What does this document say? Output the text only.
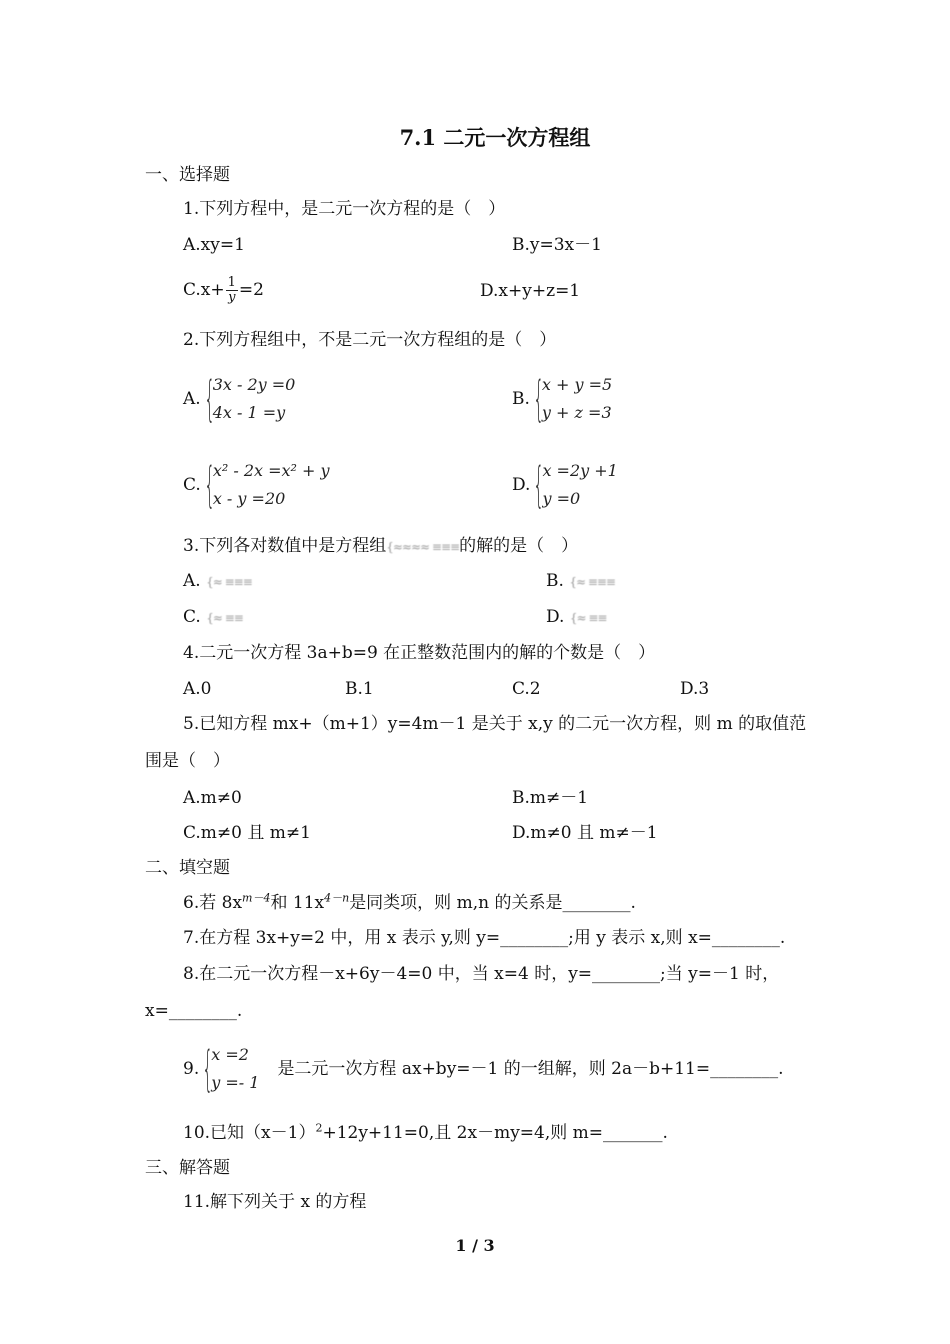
7.1 二元一次方程组
一、选择题
1.下列方程中，是二元一次方程的是（　）
A.xy=1	B.y=3x－1
$C.x+ \frac{1}{y} =2$	D.x+y+z=1
2.下列方程组中，不是二元一次方程组的是（　）
A. {
3x - 2y =0
4x - 1 =y
B. {
x + y =5
y + z =3
C. {
x² - 2x =x² + y
x - y =20
D. {
x =2y +1
y =0
3.下列各对数值中是方程组{≈≈≈≈ ≡≡≡的解的是（　）
A. {≈ ≡≡≡	B. {≈ ≡≡≡
C. {≈ ≡≡	D. {≈ ≡≡
4.二元一次方程 3a+b=9 在正整数范围内的解的个数是（　）
A.0	B.1	C.2	D.3
5.已知方程 mx+（m+1）y=4m－1 是关于 x,y 的二元一次方程，则 m 的取值范
围是（　）
A.m≠0	B.m≠－1
C.m≠0 且 m≠1	D.m≠0 且 m≠－1
二、填空题
6.若 $8x^{m-4}$和 $11x^{4-n}$是同类项，则 m,n 的关系是________.
7.在方程 3x+y=2 中，用 x 表示 y,则 y=________;用 y 表示 x,则 x=________.
8.在二元一次方程－x+6y－4=0 中，当 x=4 时，y=________;当 y=－1 时，
x=________.
9. {
x =2
y =- 1
是二元一次方程 ax+by=－1 的一组解，则 2a－b+11=________.
10.已知$(x-1)^2+12y+11=0$,且 2x－my=4,则 m=_______.
三、解答题
11.解下列关于 x 的方程
1 / 3
